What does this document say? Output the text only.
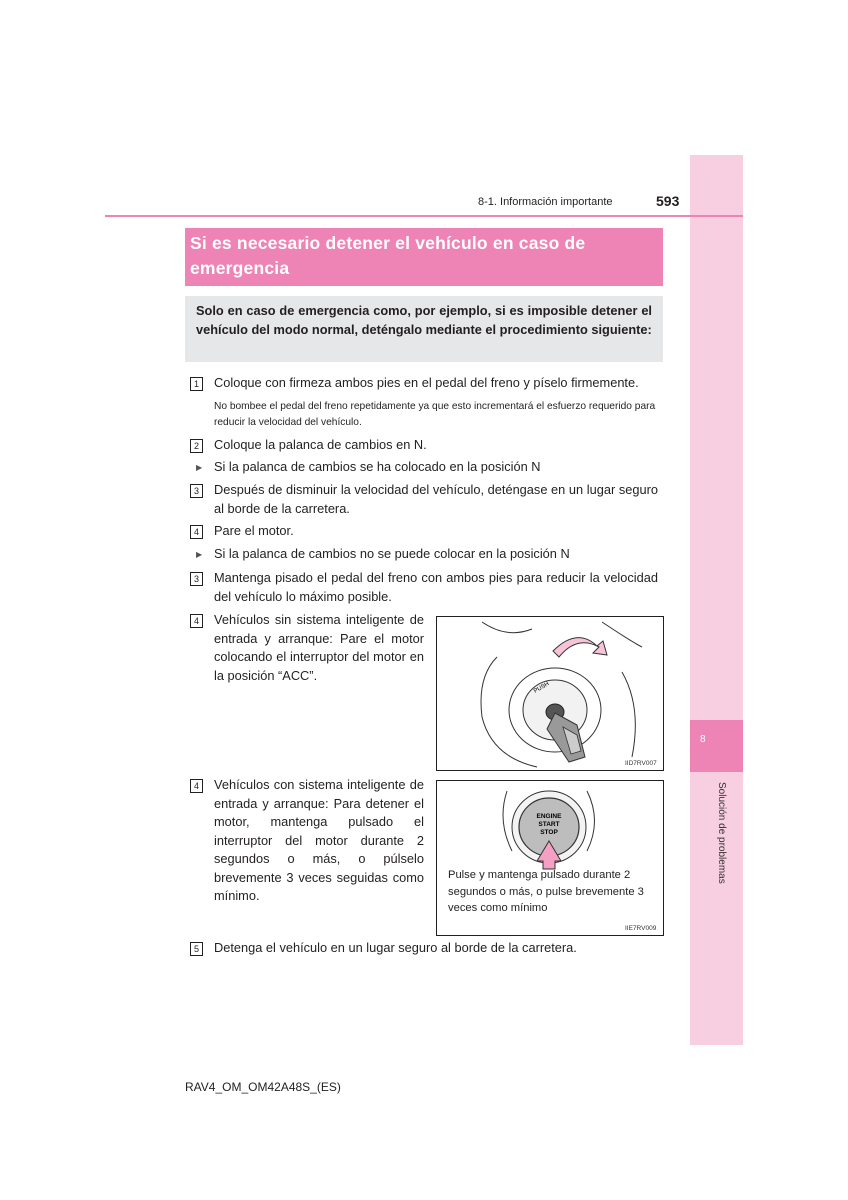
8
Solución de problemas
8-1. Información importante	593
Si es necesario detener el vehículo en caso de emergencia
Solo en caso de emergencia como, por ejemplo, si es imposible detener el vehículo del modo normal, deténgalo mediante el procedimiento siguiente:
1	Coloque con firmeza ambos pies en el pedal del freno y píselo firmemente.
No bombee el pedal del freno repetidamente ya que esto incrementará el esfuerzo requerido para reducir la velocidad del vehículo.
2	Coloque la palanca de cambios en N.
▶ Si la palanca de cambios se ha colocado en la posición N
3	Después de disminuir la velocidad del vehículo, deténgase en un lugar seguro al borde de la carretera.
4	Pare el motor.
▶ Si la palanca de cambios no se puede colocar en la posición N
3	Mantenga pisado el pedal del freno con ambos pies para reducir la velocidad del vehículo lo máximo posible.
4	Vehículos sin sistema inteligente de entrada y arranque: Pare el motor colocando el interruptor del motor en la posición “ACC”.
PUSH
IID7RV007
4	Vehículos con sistema inteligente de entrada y arranque: Para detener el motor, mantenga pulsado el interruptor del motor durante 2 segundos o más, o púlselo brevemente 3 veces seguidas como mínimo.
ENGINE
START
STOP
Pulse y mantenga pulsado durante 2 segundos o más, o pulse brevemente 3 veces como mínimo
IIE7RV009
5	Detenga el vehículo en un lugar seguro al borde de la carretera.
RAV4_OM_OM42A48S_(ES)
